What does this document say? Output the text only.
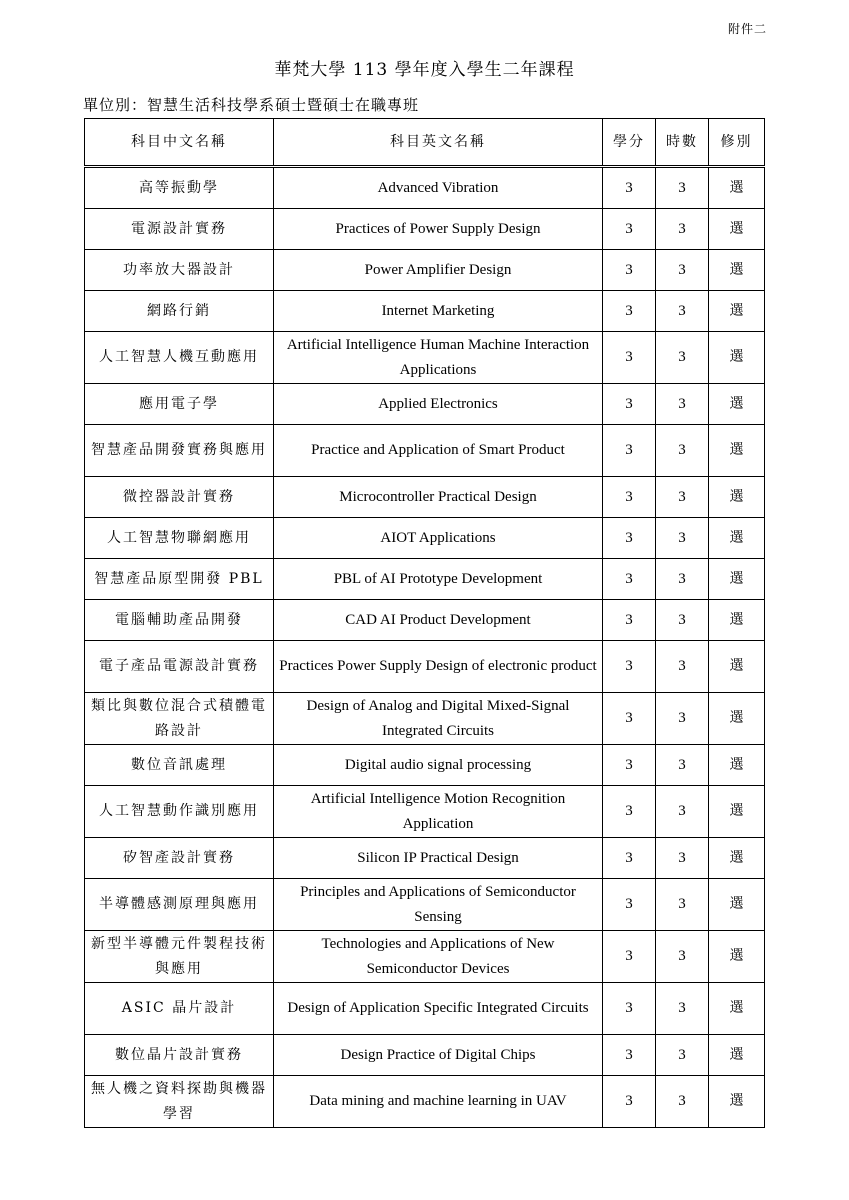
附件二
華梵大學 113 學年度入學生二年課程
單位別：智慧生活科技學系碩士暨碩士在職專班
科目中文名稱	科目英文名稱	學分	時數	修別
高等振動學	Advanced Vibration	3	3	選
電源設計實務	Practices of Power Supply Design	3	3	選
功率放大器設計	Power Amplifier Design	3	3	選
網路行銷	Internet Marketing	3	3	選
人工智慧人機互動應用	Artificial Intelligence Human Machine Interaction Applications	3	3	選
應用電子學	Applied Electronics	3	3	選
智慧產品開發實務與應用	Practice and Application of Smart Product	3	3	選
微控器設計實務	Microcontroller Practical Design	3	3	選
人工智慧物聯網應用	AIOT Applications	3	3	選
智慧產品原型開發 PBL	PBL of AI Prototype Development	3	3	選
電腦輔助產品開發	CAD AI Product Development	3	3	選
電子產品電源設計實務	Practices Power Supply Design of electronic product	3	3	選
類比與數位混合式積體電路設計	Design of Analog and Digital Mixed-Signal Integrated Circuits	3	3	選
數位音訊處理	Digital audio signal processing	3	3	選
人工智慧動作識別應用	Artificial Intelligence Motion Recognition Application	3	3	選
矽智產設計實務	Silicon IP Practical Design	3	3	選
半導體感測原理與應用	Principles and Applications of Semiconductor Sensing	3	3	選
新型半導體元件製程技術與應用	Technologies and Applications of New Semiconductor Devices	3	3	選
ASIC 晶片設計	Design of Application Specific Integrated Circuits	3	3	選
數位晶片設計實務	Design Practice of Digital Chips	3	3	選
無人機之資料探勘與機器學習	Data mining and machine learning in UAV	3	3	選
